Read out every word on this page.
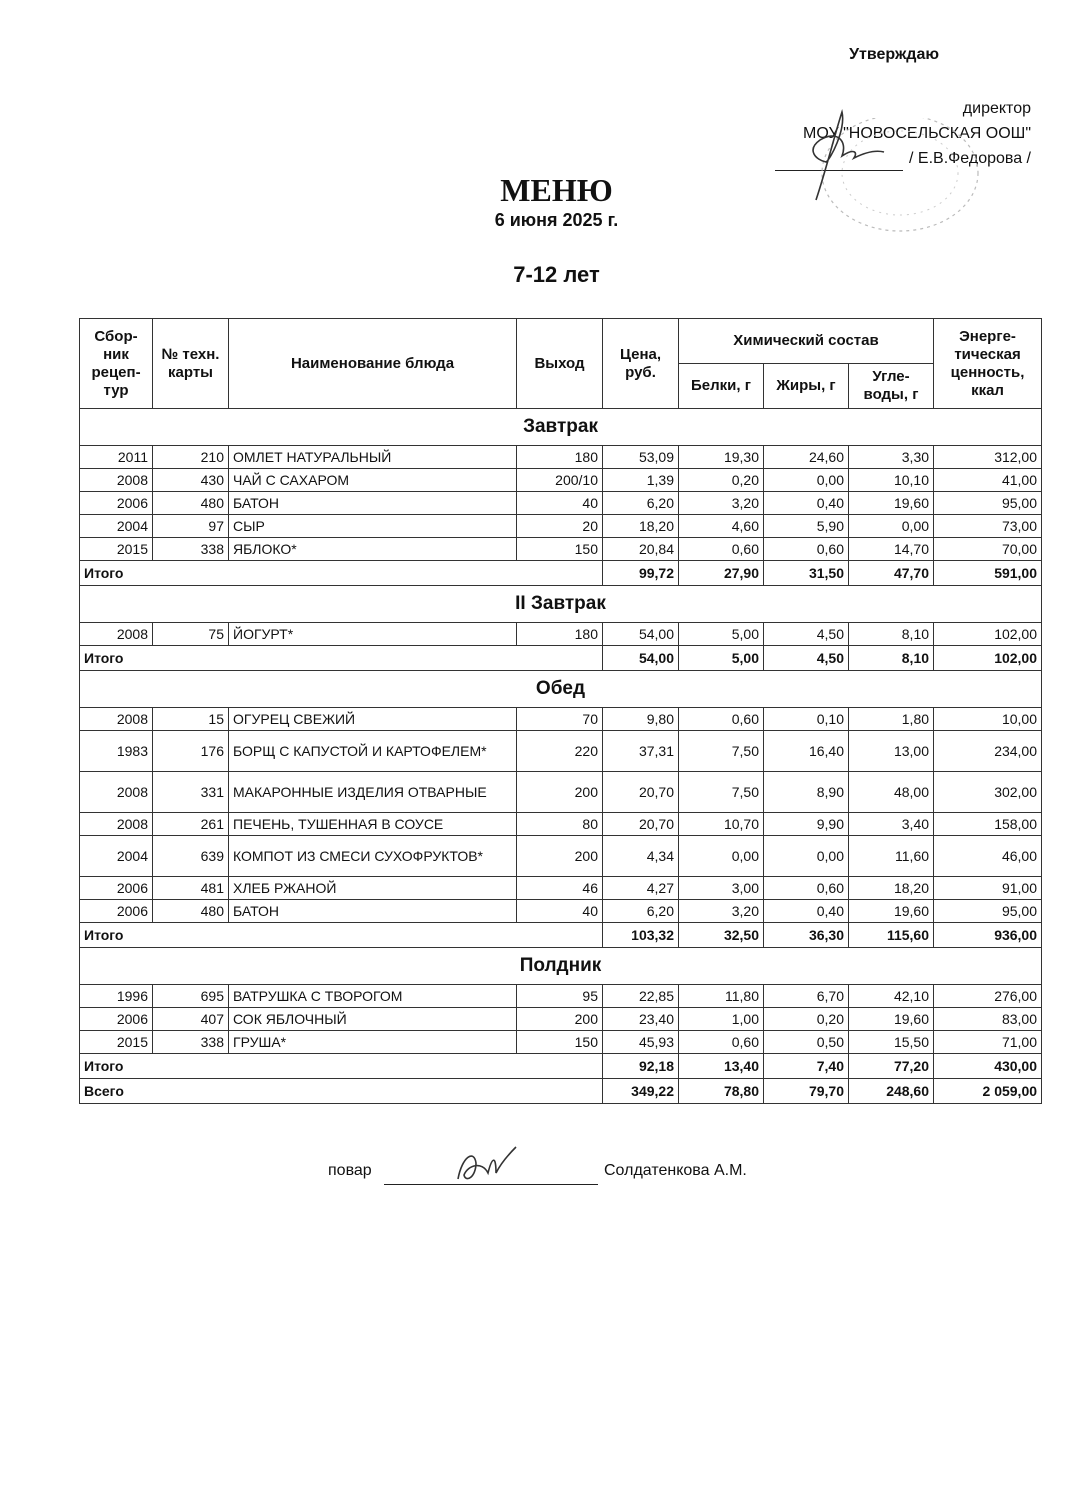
Утверждаю
директор
МОУ "НОВОСЕЛЬСКАЯ ООШ"
/ Е.В.Федорова /
МЕНЮ
6 июня 2025 г.
7-12 лет
Сбор-ник рецеп-тур	№ техн. карты	Наименование блюда	Выход	Цена, руб.	Химический состав			Энерге-тическая ценность, ккал
					Белки, г	Жиры, г	Угле-воды, г	
Завтрак								
2011	210	ОМЛЕТ НАТУРАЛЬНЫЙ	180	53,09	19,30	24,60	3,30	312,00
2008	430	ЧАЙ С САХАРОМ	200/10	1,39	0,20	0,00	10,10	41,00
2006	480	БАТОН	40	6,20	3,20	0,40	19,60	95,00
2004	97	СЫР	20	18,20	4,60	5,90	0,00	73,00
2015	338	ЯБЛОКО*	150	20,84	0,60	0,60	14,70	70,00
Итого				99,72	27,90	31,50	47,70	591,00
II Завтрак								
2008	75	ЙОГУРТ*	180	54,00	5,00	4,50	8,10	102,00
Итого				54,00	5,00	4,50	8,10	102,00
Обед								
2008	15	ОГУРЕЦ СВЕЖИЙ	70	9,80	0,60	0,10	1,80	10,00
1983	176	БОРЩ С КАПУСТОЙ И КАРТОФЕЛЕМ*	220	37,31	7,50	16,40	13,00	234,00
2008	331	МАКАРОННЫЕ ИЗДЕЛИЯ ОТВАРНЫЕ	200	20,70	7,50	8,90	48,00	302,00
2008	261	ПЕЧЕНЬ, ТУШЕННАЯ В СОУСЕ	80	20,70	10,70	9,90	3,40	158,00
2004	639	КОМПОТ ИЗ СМЕСИ СУХОФРУКТОВ*	200	4,34	0,00	0,00	11,60	46,00
2006	481	ХЛЕБ РЖАНОЙ	46	4,27	3,00	0,60	18,20	91,00
2006	480	БАТОН	40	6,20	3,20	0,40	19,60	95,00
Итого				103,32	32,50	36,30	115,60	936,00
Полдник								
1996	695	ВАТРУШКА С ТВОРОГОМ	95	22,85	11,80	6,70	42,10	276,00
2006	407	СОК ЯБЛОЧНЫЙ	200	23,40	1,00	0,20	19,60	83,00
2015	338	ГРУША*	150	45,93	0,60	0,50	15,50	71,00
Итого				92,18	13,40	7,40	77,20	430,00
Всего				349,22	78,80	79,70	248,60	2 059,00
повар	Солдатенкова А.М.
